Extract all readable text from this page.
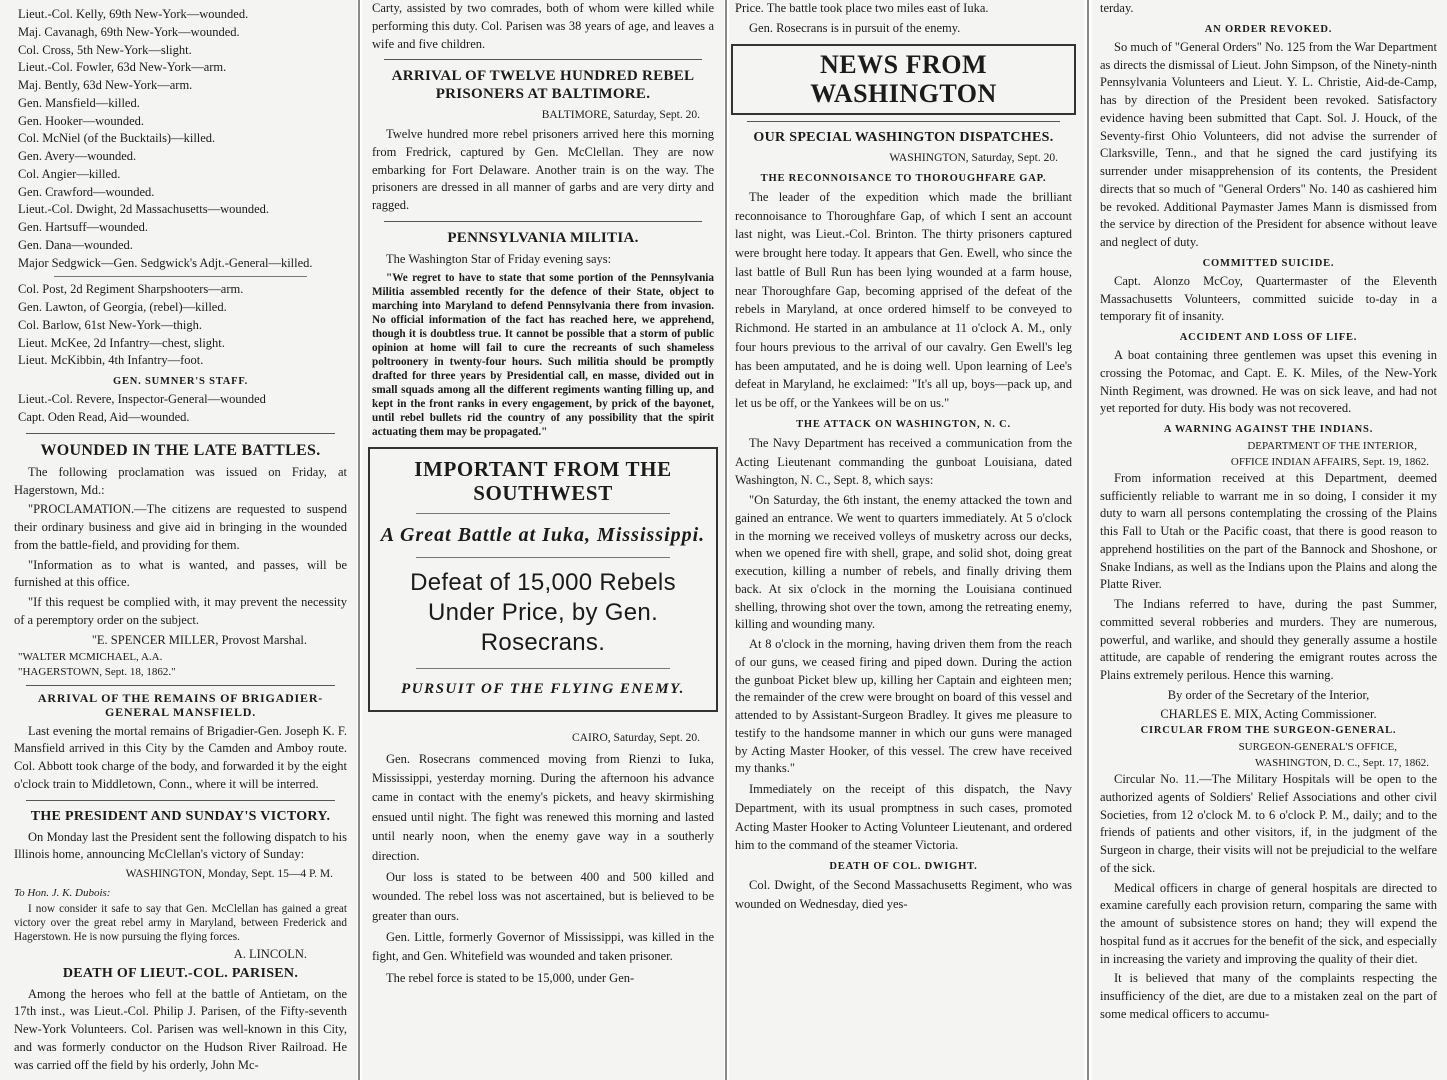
Lieut.-Col. Kelly, 69th New-York—wounded.

Maj. Cavanagh, 69th New-York—wounded.

Col. Cross, 5th New-York—slight.

Lieut.-Col. Fowler, 63d New-York—arm.

Maj. Bently, 63d New-York—arm.

Gen. Mansfield—killed.

Gen. Hooker—wounded.

Col. McNiel (of the Bucktails)—killed.

Gen. Avery—wounded.

Col. Angier—killed.

Gen. Crawford—wounded.

Lieut.-Col. Dwight, 2d Massachusetts—wounded.

Gen. Hartsuff—wounded.

Gen. Dana—wounded.

Major Sedgwick—Gen. Sedgwick's Adjt.-General—killed.

Col. Post, 2d Regiment Sharpshooters—arm.

Gen. Lawton, of Georgia, (rebel)—killed.

Col. Barlow, 61st New-York—thigh.

Lieut. McKee, 2d Infantry—chest, slight.

Lieut. McKibbin, 4th Infantry—foot.

GEN. SUMNER'S STAFF.

Lieut.-Col. Revere, Inspector-General—wounded

Capt. Oden Read, Aid—wounded.

WOUNDED IN THE LATE BATTLES.

The following proclamation was issued on Friday, at Hagerstown, Md.:

"PROCLAMATION.—The citizens are requested to suspend their ordinary business and give aid in bringing in the wounded from the battle-field, and providing for them.

"Information as to what is wanted, and passes, will be furnished at this office.

"If this request be complied with, it may prevent the necessity of a peremptory order on the subject.

"E. SPENCER MILLER, Provost Marshal.

"WALTER MCMICHAEL, A.A.

"HAGERSTOWN, Sept. 18, 1862."

ARRIVAL OF THE REMAINS OF BRIGADIER-GENERAL MANSFIELD.

Last evening the mortal remains of Brigadier-Gen. Joseph K. F. Mansfield arrived in this City by the Camden and Amboy route. Col. Abbott took charge of the body, and forwarded it by the eight o'clock train to Middletown, Conn., where it will be interred.

THE PRESIDENT AND SUNDAY'S VICTORY.

On Monday last the President sent the following dispatch to his Illinois home, announcing McClellan's victory of Sunday:

WASHINGTON, Monday, Sept. 15—4 P. M.

To Hon. J. K. Dubois:

I now consider it safe to say that Gen. McClellan has gained a great victory over the great rebel army in Maryland, between Frederick and Hagerstown. He is now pursuing the flying forces.

A. LINCOLN.

DEATH OF LIEUT.-COL. PARISEN.

Among the heroes who fell at the battle of Antietam, on the 17th inst., was Lieut.-Col. Philip J. Parisen, of the Fifty-seventh New-York Volunteers. Col. Parisen was well-known in this City, and was formerly conductor on the Hudson River Railroad. He was carried off the field by his orderly, John Mc-

Carty, assisted by two comrades, both of whom were killed while performing this duty. Col. Parisen was 38 years of age, and leaves a wife and five children.

ARRIVAL OF TWELVE HUNDRED REBEL PRISONERS AT BALTIMORE.

BALTIMORE, Saturday, Sept. 20.

Twelve hundred more rebel prisoners arrived here this morning from Fredrick, captured by Gen. McClellan. They are now embarking for Fort Delaware. Another train is on the way. The prisoners are dressed in all manner of garbs and are very dirty and ragged.

PENNSYLVANIA MILITIA.

The Washington Star of Friday evening says:

"We regret to have to state that some portion of the Pennsylvania Militia assembled recently for the defence of their State, object to marching into Maryland to defend Pennsylvania there from invasion. No official information of the fact has reached here, we apprehend, though it is doubtless true. It cannot be possible that a storm of public opinion at home will fail to cure the recreants of such shameless poltroonery in twenty-four hours. Such militia should be promptly drafted for three years by Presidential call, en masse, divided out in small squads among all the different regiments wanting filling up, and kept in the front ranks in every engagement, by prick of the bayonet, until rebel bullets rid the country of any possibility that the spirit actuating them may be propagated."

IMPORTANT FROM THE SOUTHWEST
A Great Battle at Iuka, Mississippi.
Defeat of 15,000 Rebels Under Price, by Gen. Rosecrans.
PURSUIT OF THE FLYING ENEMY.

CAIRO, Saturday, Sept. 20.

Gen. Rosecrans commenced moving from Rienzi to Iuka, Mississippi, yesterday morning. During the afternoon his advance came in contact with the enemy's pickets, and heavy skirmishing ensued until night. The fight was renewed this morning and lasted until nearly noon, when the enemy gave way in a southerly direction.

Our loss is stated to be between 400 and 500 killed and wounded. The rebel loss was not ascertained, but is believed to be greater than ours.

Gen. Little, formerly Governor of Mississippi, was killed in the fight, and Gen. Whitefield was wounded and taken prisoner.

The rebel force is stated to be 15,000, under Gen-

Price. The battle took place two miles east of Iuka.

Gen. Rosecrans is in pursuit of the enemy.

NEWS FROM WASHINGTON
OUR SPECIAL WASHINGTON DISPATCHES.

WASHINGTON, Saturday, Sept. 20.

THE RECONNOISANCE TO THOROUGHFARE GAP.

The leader of the expedition which made the brilliant reconnoisance to Thoroughfare Gap, of which I sent an account last night, was Lieut.-Col. Brinton. The thirty prisoners captured were brought here today. It appears that Gen. Ewell, who since the last battle of Bull Run has been lying wounded at a farm house, near Thoroughfare Gap, becoming apprised of the defeat of the rebels in Maryland, at once ordered himself to be conveyed to Richmond. He started in an ambulance at 11 o'clock A. M., only four hours previous to the arrival of our cavalry. Gen Ewell's leg has been amputated, and he is doing well. Upon learning of Lee's defeat in Maryland, he exclaimed: "It's all up, boys—pack up, and let us be off, or the Yankees will be on us."

THE ATTACK ON WASHINGTON, N. C.

The Navy Department has received a communication from the Acting Lieutenant commanding the gunboat Louisiana, dated Washington, N. C., Sept. 8, which says:

"On Saturday, the 6th instant, the enemy attacked the town and gained an entrance. We went to quarters immediately. At 5 o'clock in the morning we received volleys of musketry across our decks, when we opened fire with shell, grape, and solid shot, doing great execution, killing a number of rebels, and finally driving them back. At six o'clock in the morning the Louisiana continued shelling, throwing shot over the town, among the retreating enemy, killing and wounding many.

At 8 o'clock in the morning, having driven them from the reach of our guns, we ceased firing and piped down. During the action the gunboat Picket blew up, killing her Captain and eighteen men; the remainder of the crew were brought on board of this vessel and attended to by Assistant-Surgeon Bradley. It gives me pleasure to testify to the handsome manner in which our guns were managed by Acting Master Hooker, of this vessel. The crew have received my thanks."

Immediately on the receipt of this dispatch, the Navy Department, with its usual promptness in such cases, promoted Acting Master Hooker to Acting Volunteer Lieutenant, and ordered him to the command of the steamer Victoria.

DEATH OF COL. DWIGHT.

Col. Dwight, of the Second Massachusetts Regiment, who was wounded on Wednesday, died yes-

terday.

AN ORDER REVOKED.

So much of "General Orders" No. 125 from the War Department as directs the dismissal of Lieut. John Simpson, of the Ninety-ninth Pennsylvania Volunteers and Lieut. Y. L. Christie, Aid-de-Camp, has by direction of the President been revoked. Satisfactory evidence having been submitted that Capt. Sol. J. Houck, of the Seventy-first Ohio Volunteers, did not advise the surrender of Clarksville, Tenn., and that he signed the card justifying its surrender under misapprehension of its contents, the President directs that so much of "General Orders" No. 140 as cashiered him be revoked. Additional Paymaster James Mann is dismissed from the service by direction of the President for absence without leave and neglect of duty.

COMMITTED SUICIDE.

Capt. Alonzo McCoy, Quartermaster of the Eleventh Massachusetts Volunteers, committed suicide to-day in a temporary fit of insanity.

ACCIDENT AND LOSS OF LIFE.

A boat containing three gentlemen was upset this evening in crossing the Potomac, and Capt. E. K. Miles, of the New-York Ninth Regiment, was drowned. He was on sick leave, and had not yet reported for duty. His body was not recovered.

A WARNING AGAINST THE INDIANS.

DEPARTMENT OF THE INTERIOR,

OFFICE INDIAN AFFAIRS, Sept. 19, 1862.

From information received at this Department, deemed sufficiently reliable to warrant me in so doing, I consider it my duty to warn all persons contemplating the crossing of the Plains this Fall to Utah or the Pacific coast, that there is good reason to apprehend hostilities on the part of the Bannock and Shoshone, or Snake Indians, as well as the Indians upon the Plains and along the Platte River.

The Indians referred to have, during the past Summer, committed several robberies and murders. They are numerous, powerful, and warlike, and should they generally assume a hostile attitude, are capable of rendering the emigrant routes across the Plains extremely perilous. Hence this warning.

By order of the Secretary of the Interior,

CHARLES E. MIX, Acting Commissioner.

CIRCULAR FROM THE SURGEON-GENERAL.

SURGEON-GENERAL'S OFFICE,

WASHINGTON, D. C., Sept. 17, 1862.

Circular No. 11.—The Military Hospitals will be open to the authorized agents of Soldiers' Relief Associations and other civil Societies, from 12 o'clock M. to 6 o'clock P. M., daily; and to the friends of patients and other visitors, if, in the judgment of the Surgeon in charge, their visits will not be prejudicial to the welfare of the sick.

Medical officers in charge of general hospitals are directed to examine carefully each provision return, comparing the same with the amount of subsistence stores on hand; they will expend the hospital fund as it accrues for the benefit of the sick, and especially in increasing the variety and improving the quality of their diet.

It is believed that many of the complaints respecting the insufficiency of the diet, are due to a mistaken zeal on the part of some medical officers to accumu-
